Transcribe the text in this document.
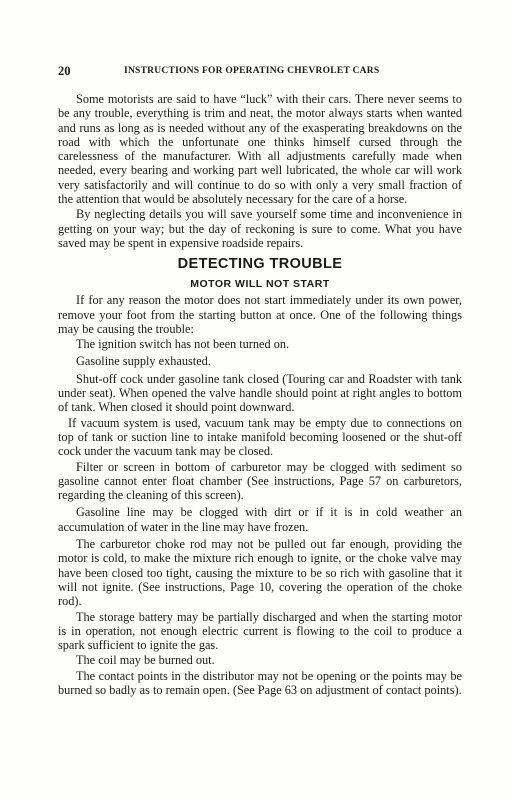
20	INSTRUCTIONS FOR OPERATING CHEVROLET CARS

Some motorists are said to have “luck” with their cars. There never seems to be any trouble, everything is trim and neat, the motor always starts when wanted and runs as long as is needed without any of the exasperating breakdowns on the road with which the unfortunate one thinks himself cursed through the carelessness of the manufacturer. With all adjustments carefully made when needed, every bearing and working part well lubricated, the whole car will work very satisfactorily and will continue to do so with only a very small fraction of the attention that would be absolutely necessary for the care of a horse.

By neglecting details you will save yourself some time and inconvenience in getting on your way; but the day of reckoning is sure to come. What you have saved may be spent in expensive roadside repairs.

DETECTING TROUBLE
MOTOR WILL NOT START

If for any reason the motor does not start immediately under its own power, remove your foot from the starting button at once. One of the following things may be causing the trouble:

The ignition switch has not been turned on.

Gasoline supply exhausted.

Shut-off cock under gasoline tank closed (Touring car and Roadster with tank under seat). When opened the valve handle should point at right angles to bottom of tank. When closed it should point downward.

If vacuum system is used, vacuum tank may be empty due to connections on top of tank or suction line to intake manifold becoming loosened or the shut-off cock under the vacuum tank may be closed.

Filter or screen in bottom of carburetor may be clogged with sediment so gasoline cannot enter float chamber (See instructions, Page 57 on carburetors, regarding the cleaning of this screen).

Gasoline line may be clogged with dirt or if it is in cold weather an accumulation of water in the line may have frozen.

The carburetor choke rod may not be pulled out far enough, providing the motor is cold, to make the mixture rich enough to ignite, or the choke valve may have been closed too tight, causing the mixture to be so rich with gasoline that it will not ignite. (See instructions, Page 10, covering the operation of the choke rod).

The storage battery may be partially discharged and when the starting motor is in operation, not enough electric current is flowing to the coil to produce a spark sufficient to ignite the gas.

The coil may be burned out.

The contact points in the distributor may not be opening or the points may be burned so badly as to remain open. (See Page 63 on adjustment of contact points).
